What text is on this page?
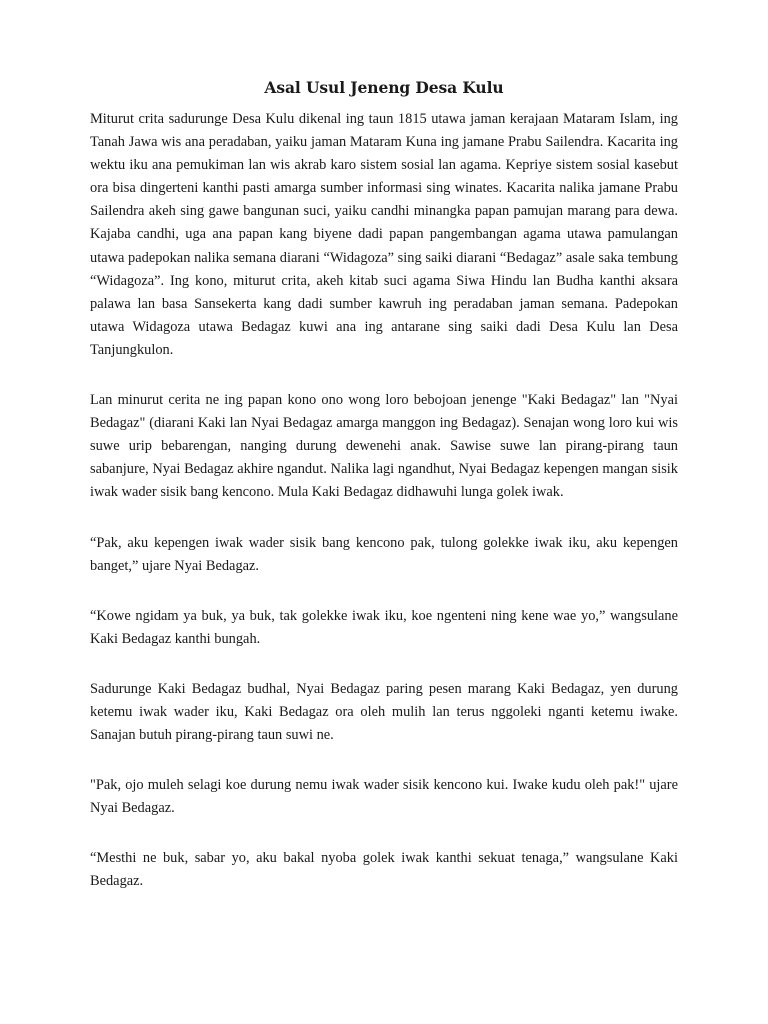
Asal Usul Jeneng Desa Kulu

Miturut crita sadurunge Desa Kulu dikenal ing taun 1815 utawa jaman kerajaan Mataram Islam, ing Tanah Jawa wis ana peradaban, yaiku jaman Mataram Kuna ing jamane Prabu Sailendra. Kacarita ing wektu iku ana pemukiman lan wis akrab karo sistem sosial lan agama. Kepriye sistem sosial kasebut ora bisa dingerteni kanthi pasti amarga sumber informasi sing winates. Kacarita nalika jamane Prabu Sailendra akeh sing gawe bangunan suci, yaiku candhi minangka papan pamujan marang para dewa. Kajaba candhi, uga ana papan kang biyene dadi papan pangembangan agama utawa pamulangan utawa padepokan nalika semana diarani “Widagoza” sing saiki diarani “Bedagaz” asale saka tembung “Widagoza”. Ing kono, miturut crita, akeh kitab suci agama Siwa Hindu lan Budha kanthi aksara palawa lan basa Sansekerta kang dadi sumber kawruh ing peradaban jaman semana. Padepokan utawa Widagoza utawa Bedagaz kuwi ana ing antarane sing saiki dadi Desa Kulu lan Desa Tanjungkulon.

Lan minurut cerita ne ing papan kono ono wong loro bebojoan jenenge "Kaki Bedagaz" lan "Nyai Bedagaz" (diarani Kaki lan Nyai Bedagaz amarga manggon ing Bedagaz). Senajan wong loro kui wis suwe urip bebarengan, nanging durung dewenehi anak. Sawise suwe lan pirang-pirang taun sabanjure, Nyai Bedagaz akhire ngandut. Nalika lagi ngandhut, Nyai Bedagaz kepengen mangan sisik iwak wader sisik bang kencono. Mula Kaki Bedagaz didhawuhi lunga golek iwak.

“Pak, aku kepengen iwak wader sisik bang kencono pak, tulong golekke iwak iku, aku kepengen banget,” ujare Nyai Bedagaz.

“Kowe ngidam ya buk, ya buk, tak golekke iwak iku, koe ngenteni ning kene wae yo,” wangsulane Kaki Bedagaz kanthi bungah.

Sadurunge Kaki Bedagaz budhal, Nyai Bedagaz paring pesen marang Kaki Bedagaz, yen durung ketemu iwak wader iku, Kaki Bedagaz ora oleh mulih lan terus nggoleki nganti ketemu iwake. Sanajan butuh pirang-pirang taun suwi ne.

"Pak, ojo muleh selagi koe durung nemu iwak wader sisik kencono kui. Iwake kudu oleh pak!" ujare Nyai Bedagaz.

“Mesthi ne buk, sabar yo, aku bakal nyoba golek iwak kanthi sekuat tenaga,” wangsulane Kaki Bedagaz.
